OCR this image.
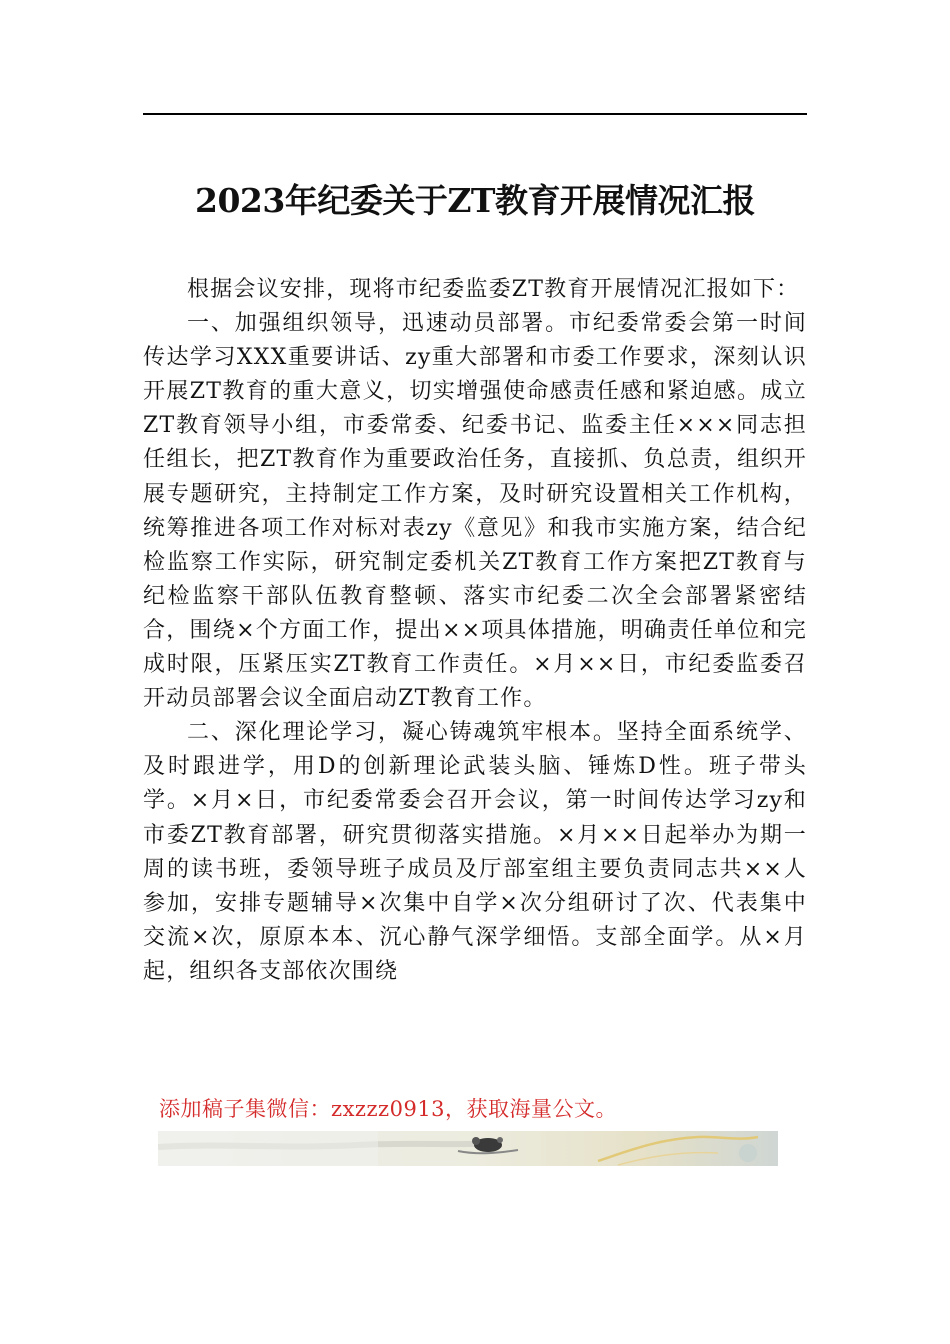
2023年纪委关于ZT教育开展情况汇报

根据会议安排，现将市纪委监委ZT教育开展情况汇报如下：

一、加强组织领导，迅速动员部署。市纪委常委会第一时间传达学习XXX重要讲话、zy重大部署和市委工作要求，深刻认识开展ZT教育的重大意义，切实增强使命感责任感和紧迫感。成立ZT教育领导小组，市委常委、纪委书记、监委主任×××同志担任组长，把ZT教育作为重要政治任务，直接抓、负总责，组织开展专题研究，主持制定工作方案，及时研究设置相关工作机构，统筹推进各项工作对标对表zy《意见》和我市实施方案，结合纪检监察工作实际，研究制定委机关ZT教育工作方案把ZT教育与纪检监察干部队伍教育整顿、落实市纪委二次全会部署紧密结合，围绕×个方面工作，提出××项具体措施，明确责任单位和完成时限，压紧压实ZT教育工作责任。×月××日，市纪委监委召开动员部署会议全面启动ZT教育工作。

二、深化理论学习，凝心铸魂筑牢根本。坚持全面系统学、及时跟进学，用D的创新理论武装头脑、锤炼D性。班子带头学。×月×日，市纪委常委会召开会议，第一时间传达学习zy和市委ZT教育部署，研究贯彻落实措施。×月××日起举办为期一周的读书班，委领导班子成员及厅部室组主要负责同志共××人参加，安排专题辅导×次集中自学×次分组研讨了次、代表集中交流×次，原原本本、沉心静气深学细悟。支部全面学。从×月起，组织各支部依次围绕

添加稿子集微信：zxzzz0913，获取海量公文。
